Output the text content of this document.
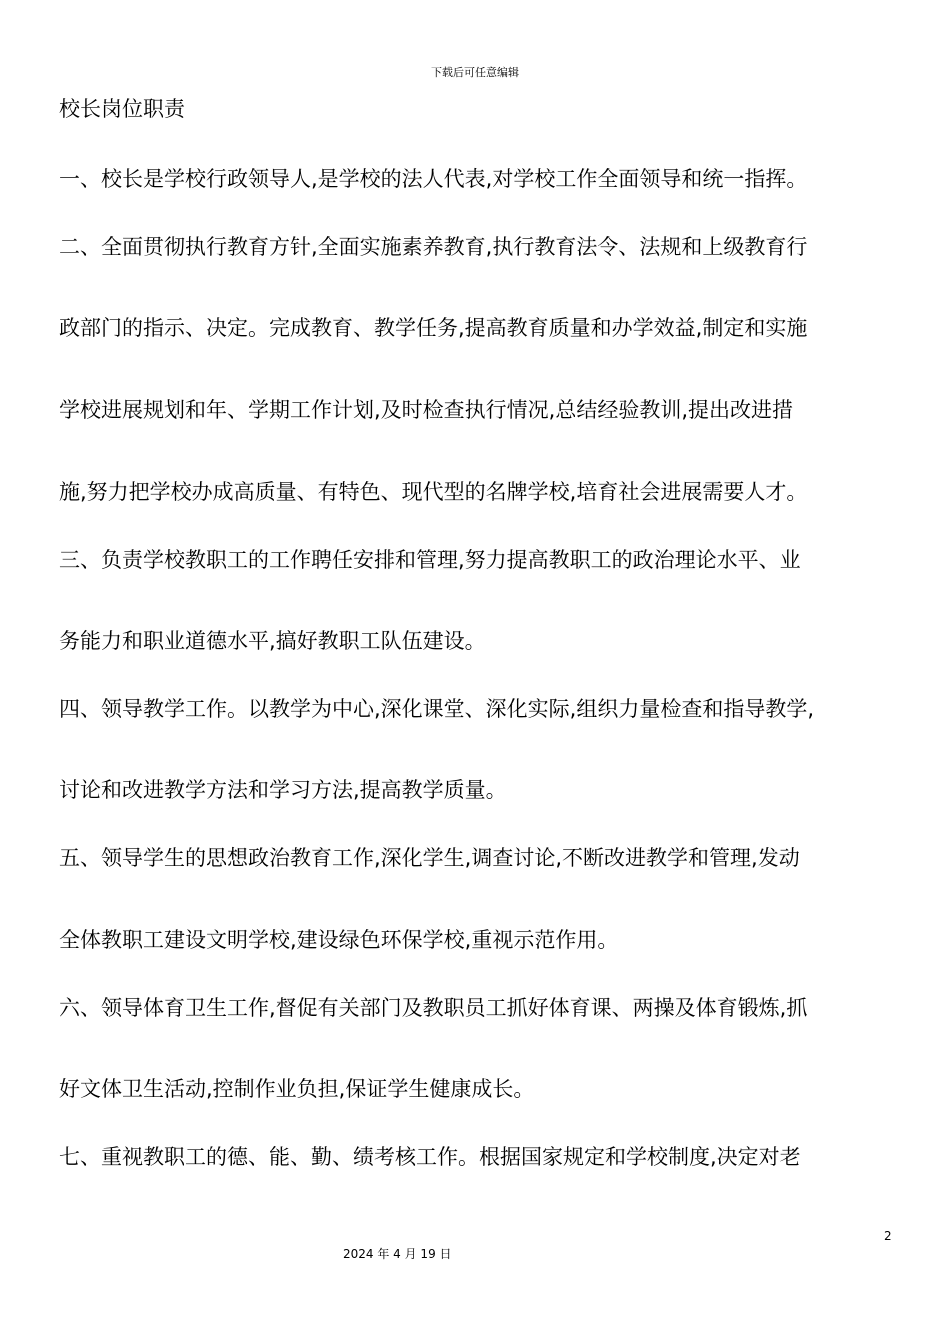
下载后可任意编辑
校长岗位职责
一、校长是学校行政领导人,是学校的法人代表,对学校工作全面领导和统一指挥。
二、全面贯彻执行教育方针,全面实施素养教育,执行教育法令、法规和上级教育行
政部门的指示、决定。完成教育、教学任务,提高教育质量和办学效益,制定和实施
学校进展规划和年、学期工作计划,及时检查执行情况,总结经验教训,提出改进措
施,努力把学校办成高质量、有特色、现代型的名牌学校,培育社会进展需要人才。
三、负责学校教职工的工作聘任安排和管理,努力提高教职工的政治理论水平、业
务能力和职业道德水平,搞好教职工队伍建设。
四、领导教学工作。以教学为中心,深化课堂、深化实际,组织力量检查和指导教学,
讨论和改进教学方法和学习方法,提高教学质量。
五、领导学生的思想政治教育工作,深化学生,调查讨论,不断改进教学和管理,发动
全体教职工建设文明学校,建设绿色环保学校,重视示范作用。
六、领导体育卫生工作,督促有关部门及教职员工抓好体育课、两操及体育锻炼,抓
好文体卫生活动,控制作业负担,保证学生健康成长。
七、重视教职工的德、能、勤、绩考核工作。根据国家规定和学校制度,决定对老
2
2024 年 4 月 19 日
